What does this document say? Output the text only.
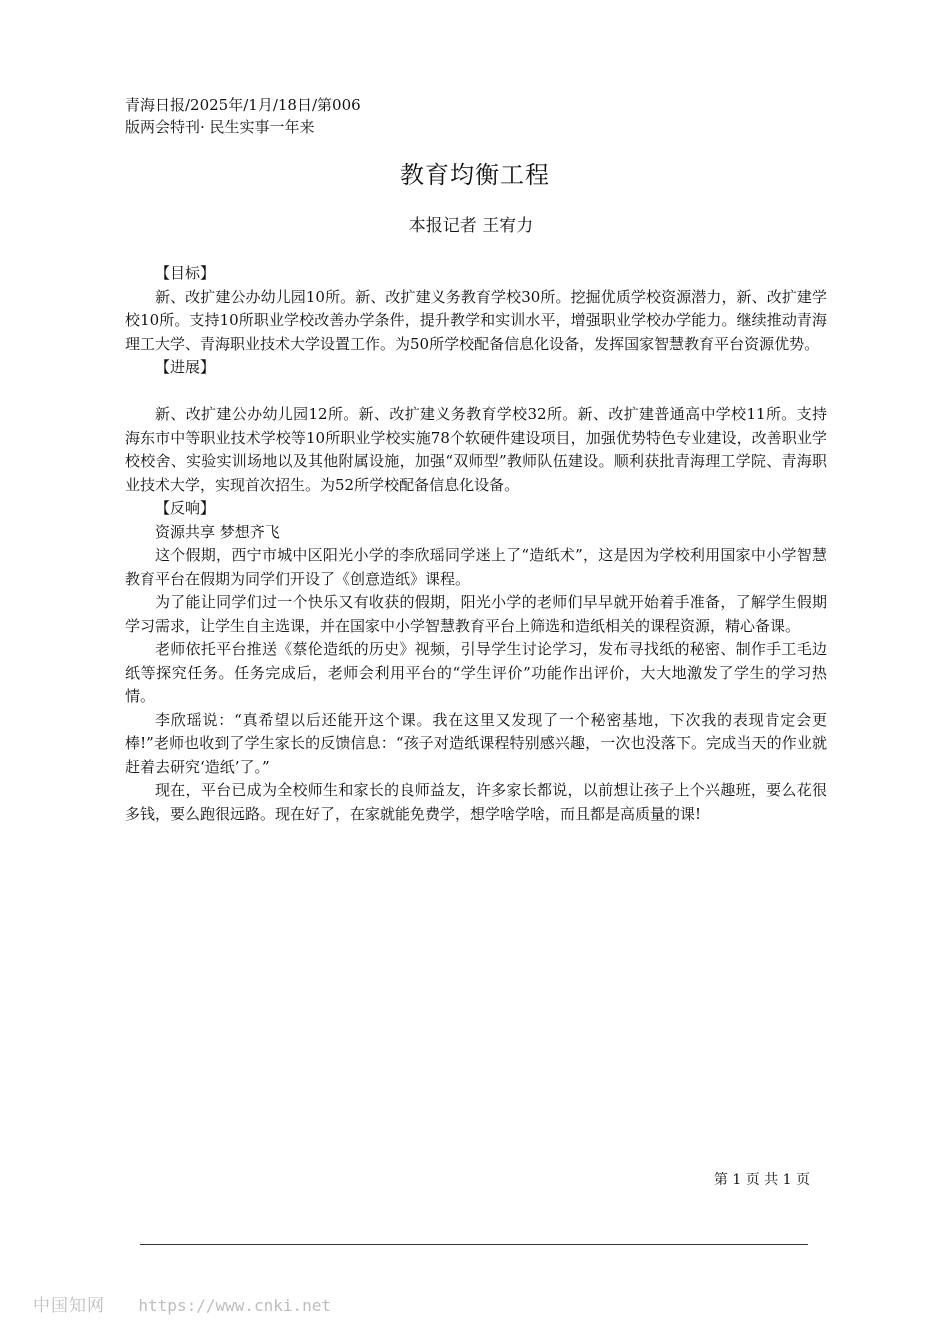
青海日报/2025年/1月/18日/第006
版两会特刊· 民生实事一年来
教育均衡工程
本报记者 王宥力

【目标】

新、改扩建公办幼儿园10所。新、改扩建义务教育学校30所。挖掘优质学校资源潜力，新、改扩建学校10所。支持10所职业学校改善办学条件，提升教学和实训水平，增强职业学校办学能力。继续推动青海理工大学、青海职业技术大学设置工作。为50所学校配备信息化设备，发挥国家智慧教育平台资源优势。

【进展】

新、改扩建公办幼儿园12所。新、改扩建义务教育学校32所。新、改扩建普通高中学校11所。支持海东市中等职业技术学校等10所职业学校实施78个软硬件建设项目，加强优势特色专业建设，改善职业学校校舍、实验实训场地以及其他附属设施，加强“双师型”教师队伍建设。顺利获批青海理工学院、青海职业技术大学，实现首次招生。为52所学校配备信息化设备。

【反响】

资源共享 梦想齐飞

这个假期，西宁市城中区阳光小学的李欣瑶同学迷上了“造纸术”，这是因为学校利用国家中小学智慧教育平台在假期为同学们开设了《创意造纸》课程。

为了能让同学们过一个快乐又有收获的假期，阳光小学的老师们早早就开始着手准备，了解学生假期学习需求，让学生自主选课，并在国家中小学智慧教育平台上筛选和造纸相关的课程资源，精心备课。

老师依托平台推送《蔡伦造纸的历史》视频，引导学生讨论学习，发布寻找纸的秘密、制作手工毛边纸等探究任务。任务完成后，老师会利用平台的“学生评价”功能作出评价，大大地激发了学生的学习热情。

李欣瑶说：“真希望以后还能开这个课。我在这里又发现了一个秘密基地，下次我的表现肯定会更棒!”老师也收到了学生家长的反馈信息：“孩子对造纸课程特别感兴趣，一次也没落下。完成当天的作业就赶着去研究‘造纸’了。”

现在，平台已成为全校师生和家长的良师益友，许多家长都说，以前想让孩子上个兴趣班，要么花很多钱，要么跑很远路。现在好了，在家就能免费学，想学啥学啥，而且都是高质量的课!

第 1 页 共 1 页
中国知网 https://www.cnki.net
